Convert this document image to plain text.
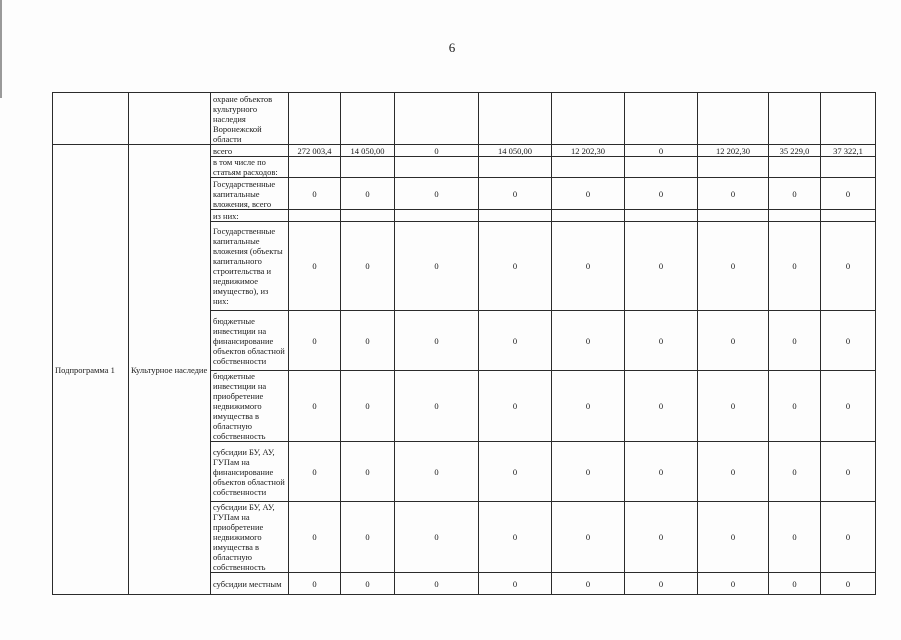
6
		охране объектов культурного наследия Воронежской области									
Подпрограмма 1	Культурное наследие	всего	272 003,4	14 050,00	0	14 050,00	12 202,30	0	12 202,30	35 229,0	37 322,1
		в том числе по статьям расходов:									
		Государственные капитальные вложения, всего	0	0	0	0	0	0	0	0	0
		из них:									
		Государственные капитальные вложения (объекты капитального строительства и недвижимое имущество), из них:	0	0	0	0	0	0	0	0	0
		бюджетные инвестиции на финансирование объектов областной собственности	0	0	0	0	0	0	0	0	0
		бюджетные инвестиции на приобретение недвижимого имущества в областную собственность	0	0	0	0	0	0	0	0	0
		субсидии БУ, АУ, ГУПам на финансирование объектов областной собственности	0	0	0	0	0	0	0	0	0
		субсидии БУ, АУ, ГУПам на приобретение недвижимого имущества в областную собственность	0	0	0	0	0	0	0	0	0
		субсидии местным	0	0	0	0	0	0	0	0	0
